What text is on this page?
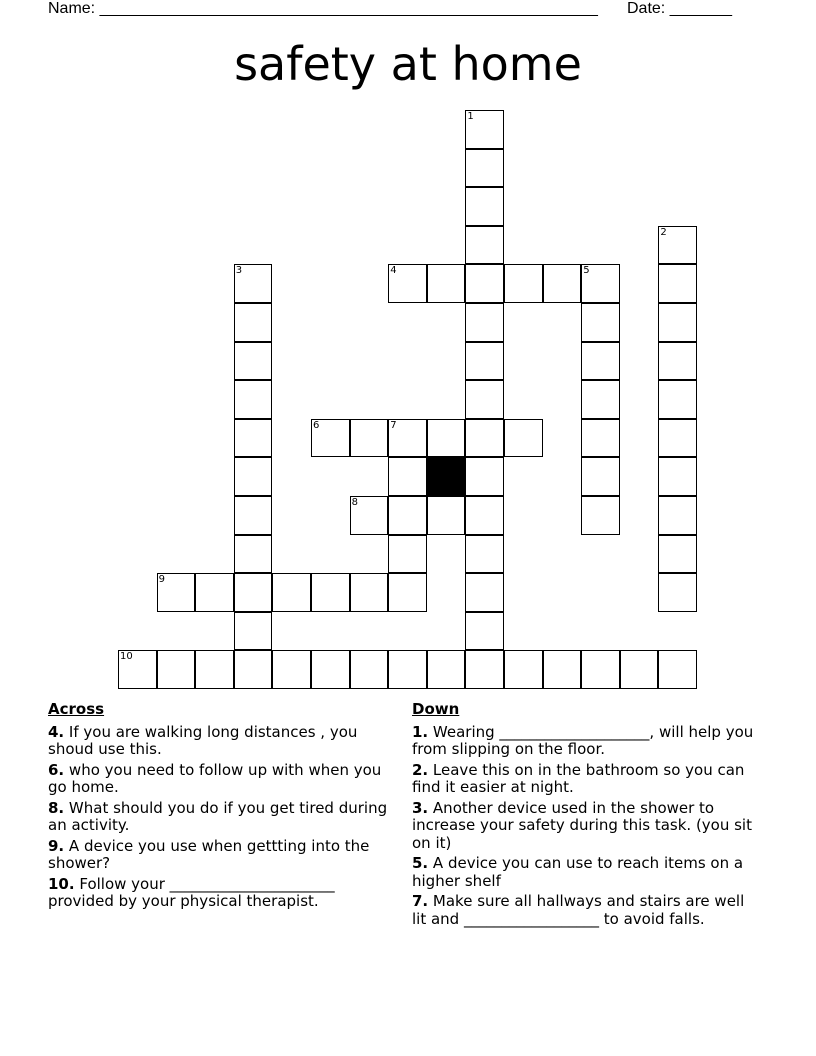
Name: ________________________________________________________ Date: _______
safety at home
1
2
3	4	5
6	7
8
9
10
Across
4. If you are walking long distances , you shoud use this.
6. who you need to follow up with when you go home.
8. What should you do if you get tired during an activity.
9. A device you use when gettting into the shower?
10. Follow your ______________________ provided by your physical therapist.
Down
1. Wearing ____________________, will help you from slipping on the floor.
2. Leave this on in the bathroom so you can find it easier at night.
3. Another device used in the shower to increase your safety during this task. (you sit on it)
5. A device you can use to reach items on a higher shelf
7. Make sure all hallways and stairs are well lit and __________________ to avoid falls.
